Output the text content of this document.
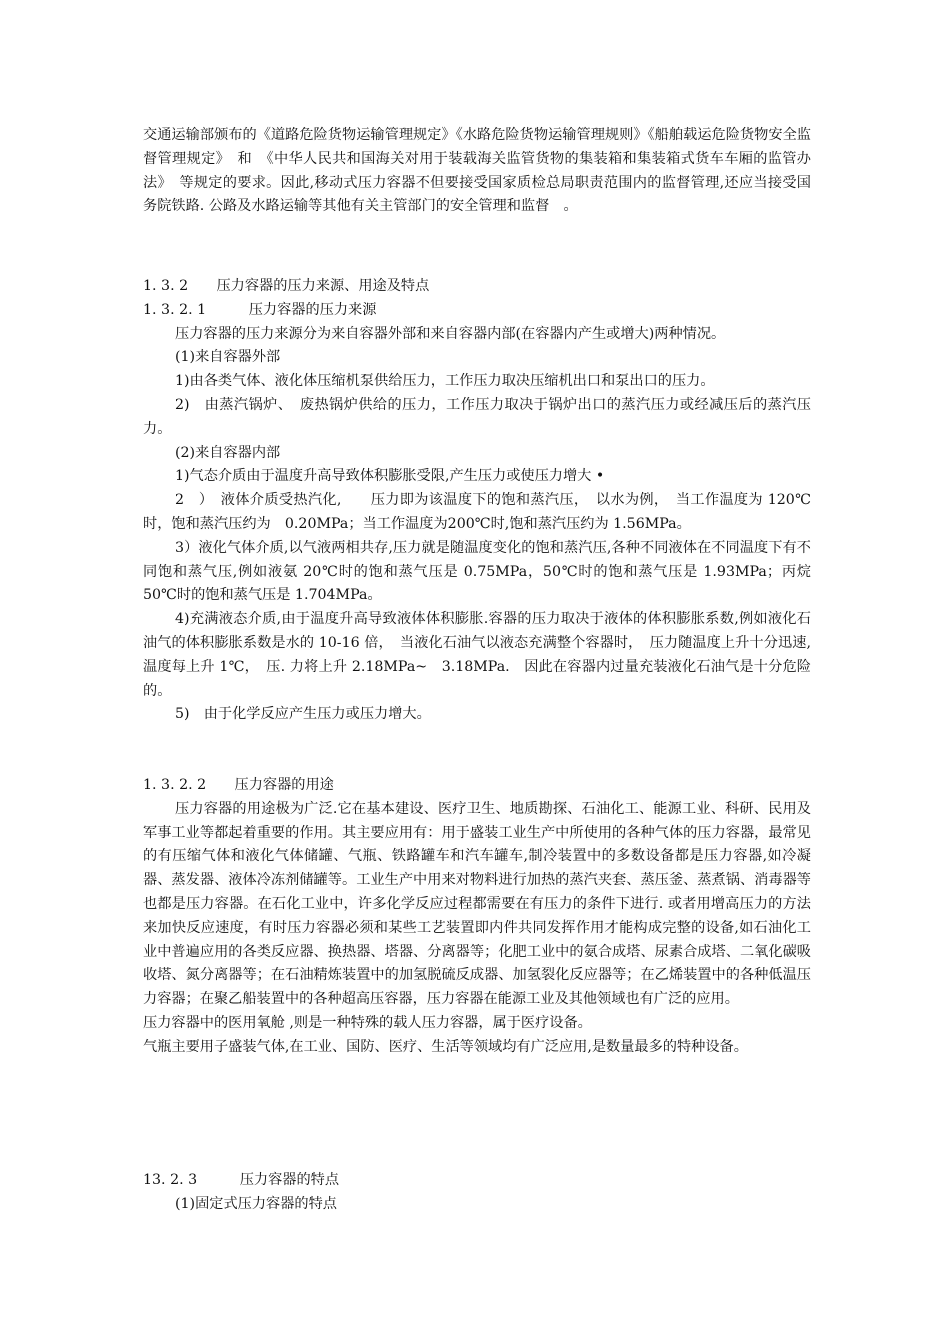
交通运输部颁布的《道路危险货物运输管理规定》《水路危险货物运输管理规则》《船舶载运危险货物安全监督管理规定》　和　《中华人民共和国海关对用于装载海关监管货物的集装箱和集装箱式货车车厢的监管办法》　等规定的要求。因此,移动式压力容器不但要接受国家质检总局职责范围内的监督管理,还应当接受国务院铁路. 公路及水路运输等其他有关主管部门的安全管理和监督　。

1. 3. 2　　压力容器的压力来源、用途及特点
1. 3. 2. 1　　　压力容器的压力来源

压力容器的压力来源分为来自容器外部和来自容器内部(在容器内产生或增大)两种情况。

(1)来自容器外部

1)由各类气体、液化体压缩机泵供给压力，工作压力取决压缩机出口和泵出口的压力。

2)　由蒸汽锅炉、　废热锅炉供给的压力，工作压力取决于锅炉出口的蒸汽压力或经减压后的蒸汽压力。

(2)来自容器内部

1)气态介质由于温度升高导致体积膨胀受限,产生压力或使压力增大 •

2　）　液体介质受热汽化,　　压力即为该温度下的饱和蒸汽压，　以水为例，　当工作温度为 120℃时，饱和蒸汽压约为　0.20MPa；当工作温度为200℃时,饱和蒸汽压约为 1.56MPa。

3）液化气体介质,以气液两相共存,压力就是随温度变化的饱和蒸汽压,各种不同液体在不同温度下有不同饱和蒸气压,例如液氨 20℃时的饱和蒸气压是 0.75MPa，50℃时的饱和蒸气压是 1.93MPa；丙烷 50℃时的饱和蒸气压是 1.704MPa。

4)充满液态介质,由于温度升高导致液体体积膨胀.容器的压力取决于液体的体积膨胀系数,例如液化石油气的体积膨胀系数是水的 10-16 倍，　当液化石油气以液态充满整个容器时，　压力随温度上升十分迅速,温度每上升 1℃，　压. 力将上升 2.18MPa~　3.18MPa.　因此在容器内过量充装液化石油气是十分危险的。

5)　由于化学反应产生压力或压力增大。

1. 3. 2. 2　　压力容器的用途

压力容器的用途极为广泛.它在基本建设、医疗卫生、地质勘探、石油化工、能源工业、科研、民用及军事工业等都起着重要的作用。其主要应用有：用于盛装工业生产中所使用的各种气体的压力容器，最常见的有压缩气体和液化气体储罐、气瓶、铁路罐车和汽车罐车,制冷装置中的多数设备都是压力容器,如冷凝器、蒸发器、液体冷冻剂储罐等。工业生产中用来对物料进行加热的蒸汽夹套、蒸压釜、蒸煮锅、消毒器等也都是压力容器。在石化工业中，许多化学反应过程都需要在有压力的条件下进行. 或者用增高压力的方法来加快反应速度，有时压力容器必须和某些工艺装置即内件共同发挥作用才能构成完整的设备,如石油化工业中普遍应用的各类反应器、换热器、塔器、分离器等；化肥工业中的氨合成塔、尿素合成塔、二氧化碳吸收塔、氮分离器等；在石油精炼装置中的加氢脱硫反成器、加氢裂化反应器等；在乙烯装置中的各种低温压力容器；在聚乙船装置中的各种超高压容器，压力容器在能源工业及其他领域也有广泛的应用。

压力容器中的医用氧舱 ,则是一种特殊的载人压力容器，属于医疗设备。

气瓶主要用子盛装气体,在工业、国防、医疗、生活等领域均有广泛应用,是数量最多的特种设备。

13. 2. 3　　　压力容器的特点

(1)固定式压力容器的特点
